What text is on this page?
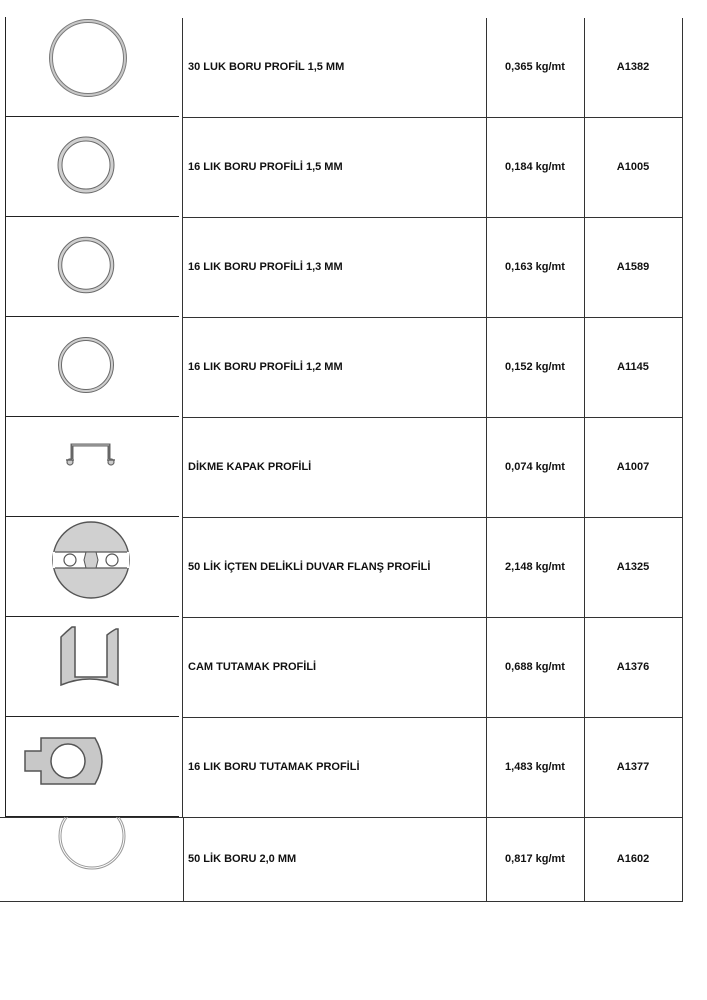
30 LUK BORU PROFİL 1,5 MM	0,365 kg/mt	A1382
16 LIK BORU PROFİLİ 1,5 MM	0,184 kg/mt	A1005
16 LIK BORU PROFİLİ 1,3 MM	0,163 kg/mt	A1589
16 LIK BORU PROFİLİ 1,2 MM	0,152 kg/mt	A1145
DİKME KAPAK PROFİLİ	0,074 kg/mt	A1007
50 LİK İÇTEN DELİKLİ DUVAR FLANŞ PROFİLİ	2,148 kg/mt	A1325
CAM TUTAMAK PROFİLİ	0,688 kg/mt	A1376
16 LIK BORU TUTAMAK PROFİLİ	1,483 kg/mt	A1377
50 LİK BORU 2,0 MM	0,817 kg/mt	A1602
